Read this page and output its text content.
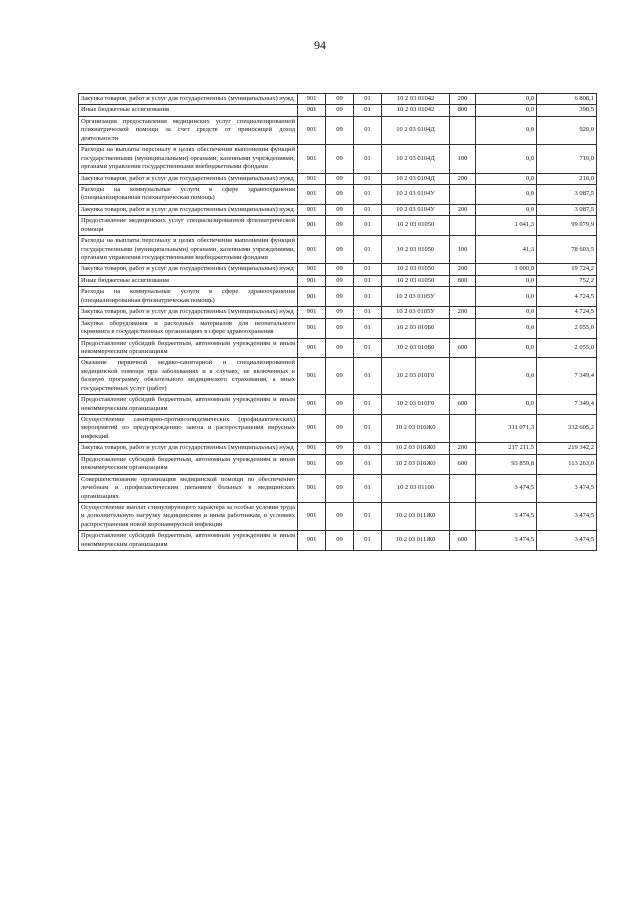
94
Закупка товаров, работ и услуг для государственных (муниципальных) нужд	901	09	01	10 2 03 01042	200	0,0	6 808,1
Иные бюджетные ассигнования	901	09	01	10 2 03 01042	800	0,0	390,5
Организация предоставления медицинских услуг специализированной психиатрической помощи за счет средств от приносящей доход деятельности	901	09	01	10 2 03 0104Д		0,0	920,0
Расходы на выплаты персоналу в целях обеспечения выполнения функций государственными (муниципальными) органами, казенными учреждениями, органами управления государственными внебюджетными фондами	901	09	01	10 2 03 0104Д	100	0,0	710,0
Закупка товаров, работ и услуг для государственных (муниципальных) нужд	901	09	01	10 2 03 0104Д	200	0,0	210,0
Расходы на коммунальные услуги в сфере здравоохранения (специализированная психиатрическая помощь)	901	09	01	10 2 03 0104У		0,0	3 087,5
Закупка товаров, работ и услуг для государственных (муниципальных) нужд	901	09	01	10 2 03 0104У	200	0,0	3 087,5
Предоставление медицинских услуг специализированной фтизиатрической помощи	901	09	01	10 2 03 01050		1 041,3	99 079,9
Расходы на выплаты персоналу в целях обеспечения выполнения функций государственными (муниципальными) органами, казенными учреждениями, органами управления государственными внебюджетными фондами	901	09	01	10 2 03 01050	100	41,3	78 603,5
Закупка товаров, работ и услуг для государственных (муниципальных) нужд	901	09	01	10 2 03 01050	200	1 000,0	19 724,2
Иные бюджетные ассигнования	901	09	01	10 2 03 01050	800	0,0	752,2
Расходы на коммунальные услуги в сфере здравоохранения (специализированная фтизиатрическая помощь)	901	09	01	10 2 03 0105У		0,0	4 724,5
Закупка товаров, работ и услуг для государственных (муниципальных) нужд	901	09	01	10 2 03 0105У	200	0,0	4 724,5
Закупка оборудования и расходных материалов для неонатального скрининга в государственных организациях в сфере здравоохранения	901	09	01	10 2 03 010Б0		0,0	2 055,0
Предоставление субсидий бюджетным, автономным учреждениям и иным некоммерческим организациям	901	09	01	10 2 03 010Б0	600	0,0	2 055,0
Оказание первичной медико-санитарной и специализированной медицинской помощи при заболеваниях и в случаях, не включенных в базовую программу обязательного медицинского страхования, а иных государственных услуг (работ)	901	09	01	10 2 03 010Г0		0,0	7 349,4
Предоставление субсидий бюджетным, автономным учреждениям и иным некоммерческим организациям	901	09	01	10 2 03 010Г0	600	0,0	7 349,4
Осуществление санитарно-противоэпидемических (профилактических) мероприятий по предупреждению завоза и распространения вирусных инфекций	901	09	01	10 2 03 010Ж0		311 071,3	332 605,2
Закупка товаров, работ и услуг для государственных (муниципальных) нужд	901	09	01	10 2 03 010Ж0	200	217 211,5	219 342,2
Предоставление субсидий бюджетным, автономным учреждениям и иным некоммерческим организациям	901	09	01	10 2 03 010Ж0	600	93 859,8	113 263,0
Совершенствование организации медицинской помощи по обеспечению лечебным и профилактическим питанием больных в медицинских организациях	901	09	01	10 2 03 01100		3 474,5	3 474,5
Осуществление выплат стимулирующего характера за особые условия труда и дополнительную нагрузку медицинским и иным работникам, в условиях распространения новой коронавирусной инфекции	901	09	01	10 2 03 011Ж0		3 474,5	3 474,5
Предоставление субсидий бюджетным, автономным учреждениям и иным некоммерческим организациям	901	09	01	10 2 03 011Ж0	600	3 474,5	3 474,5
